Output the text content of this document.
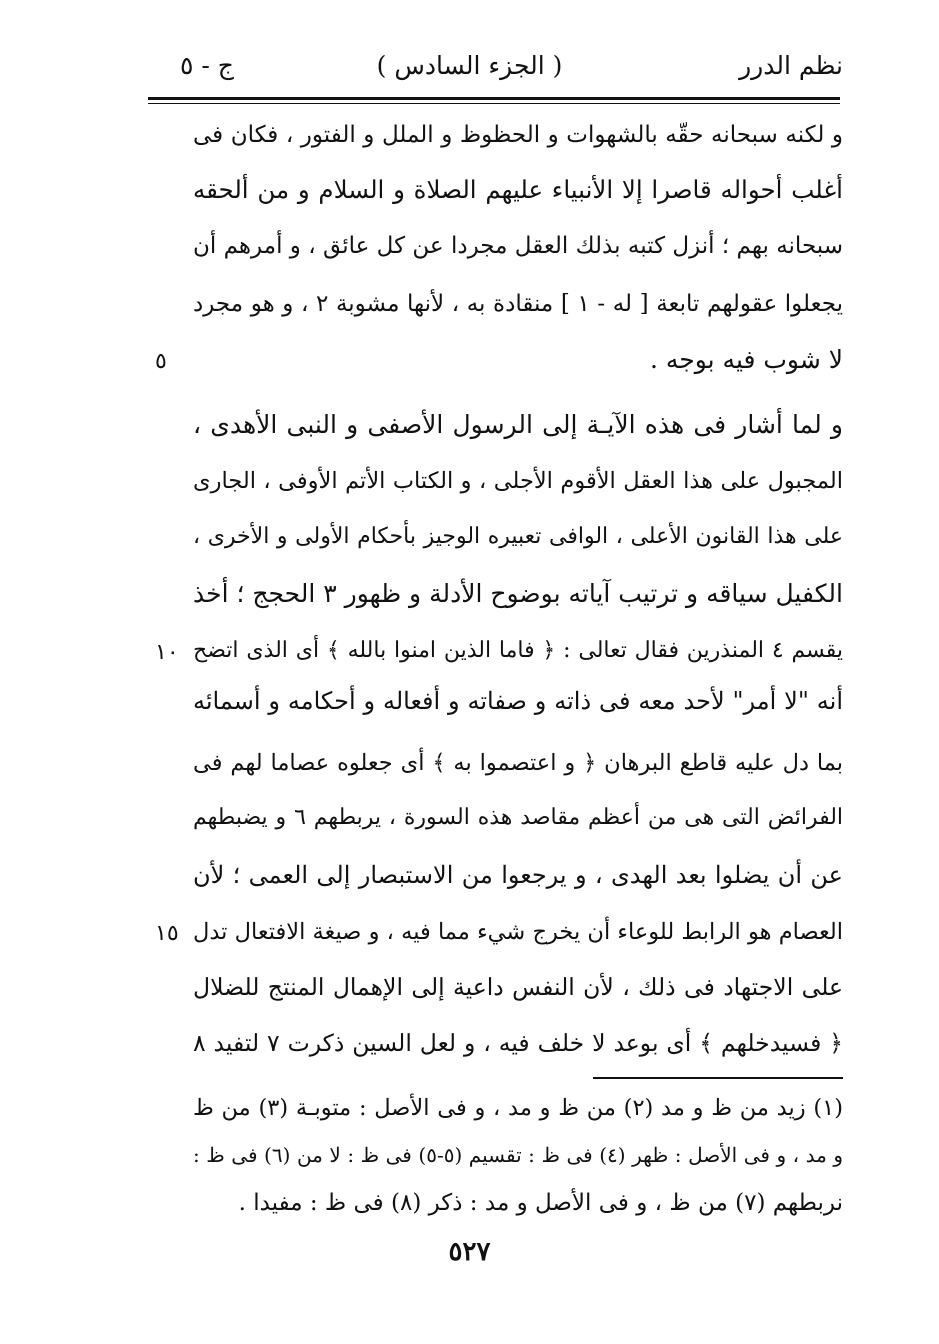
نظم الدرر
( الجزء السادس )
ج - ٥
و لكنه سبحانه حقّه بالشهوات و الحظوظ و الملل و الفتور ، فكان فى
أغلب أحواله قاصرا إلا الأنبياء عليهم الصلاة و السلام و من ألحقه
سبحانه بهم ؛ أنزل كتبه بذلك العقل مجردا عن كل عائق ، و أمرهم أن
يجعلوا عقولهم تابعة [ له - ١ ] منقادة به ، لأنها مشوبة ٢ ، و هو مجرد
لا شوب فيه بوجه .
٥
و لما أشار فى هذه الآيـة إلى الرسول الأصفى و النبى الأهدى ،
المجبول على هذا العقل الأقوم الأجلى ، و الكتاب الأتم الأوفى ، الجارى
على هذا القانون الأعلى ، الوافى تعبيره الوجيز بأحكام الأولى و الأخرى ،
الكفيل سياقه و ترتيب آياته بوضوح الأدلة و ظهور ٣ الحجج ؛ أخذ
يقسم ٤ المنذرين فقال تعالى : ﴿ فاما الذين امنوا بالله ﴾ أى الذى اتضح
١٠
أنه "لا أمر" لأحد معه فى ذاته و صفاته و أفعاله و أحكامه و أسمائه
بما دل عليه قاطع البرهان ﴿ و اعتصموا به ﴾ أى جعلوه عصاما لهم فى
الفرائض التى هى من أعظم مقاصد هذه السورة ، يربطهم ٦ و يضبطهم
عن أن يضلوا بعد الهدى ، و يرجعوا من الاستبصار إلى العمى ؛ لأن
العصام هو الرابط للوعاء أن يخرج شيء مما فيه ، و صيغة الافتعال تدل
١٥
على الاجتهاد فى ذلك ، لأن النفس داعية إلى الإهمال المنتج للضلال
﴿ فسيدخلهم ﴾ أى بوعد لا خلف فيه ، و لعل السين ذكرت ٧ لتفيد ٨
(١) زيد من ظ و مد (٢) من ظ و مد ، و فى الأصل : متوبـة (٣) من ظ
و مد ، و فى الأصل : ظهر (٤) فى ظ : تقسيم (٥-٥) فى ظ : لا من (٦) فى ظ :
نربطهم (٧) من ظ ، و فى الأصل و مد : ذكر (٨) فى ظ : مفيدا .
٥٢٧
